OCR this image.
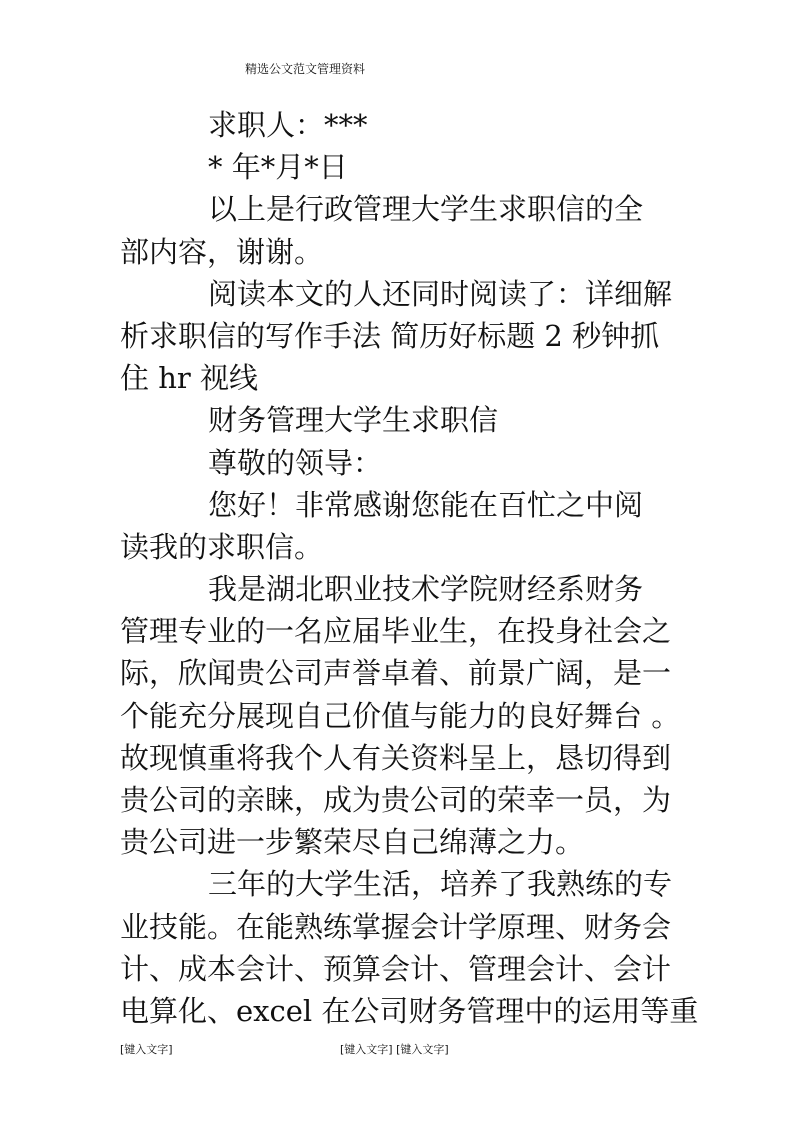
精选公文范文管理资料
求职人：***
* 年*月*日
以上是行政管理大学生求职信的全
部内容，谢谢。
阅读本文的人还同时阅读了：详细解
析求职信的写作手法 简历好标题 2 秒钟抓
住 hr 视线
财务管理大学生求职信
尊敬的领导：
您好！非常感谢您能在百忙之中阅
读我的求职信。
我是湖北职业技术学院财经系财务
管理专业的一名应届毕业生，在投身社会之
际，欣闻贵公司声誉卓着、前景广阔，是一
个能充分展现自己价值与能力的良好舞台 。
故现慎重将我个人有关资料呈上，恳切得到
贵公司的亲睐，成为贵公司的荣幸一员，为
贵公司进一步繁荣尽自己绵薄之力。
三年的大学生活，培养了我熟练的专
业技能。在能熟练掌握会计学原理、财务会
计、成本会计、预算会计、管理会计、会计
电算化、excel 在公司财务管理中的运用等重
[键入文字]	[键入文字] [键入文字]
